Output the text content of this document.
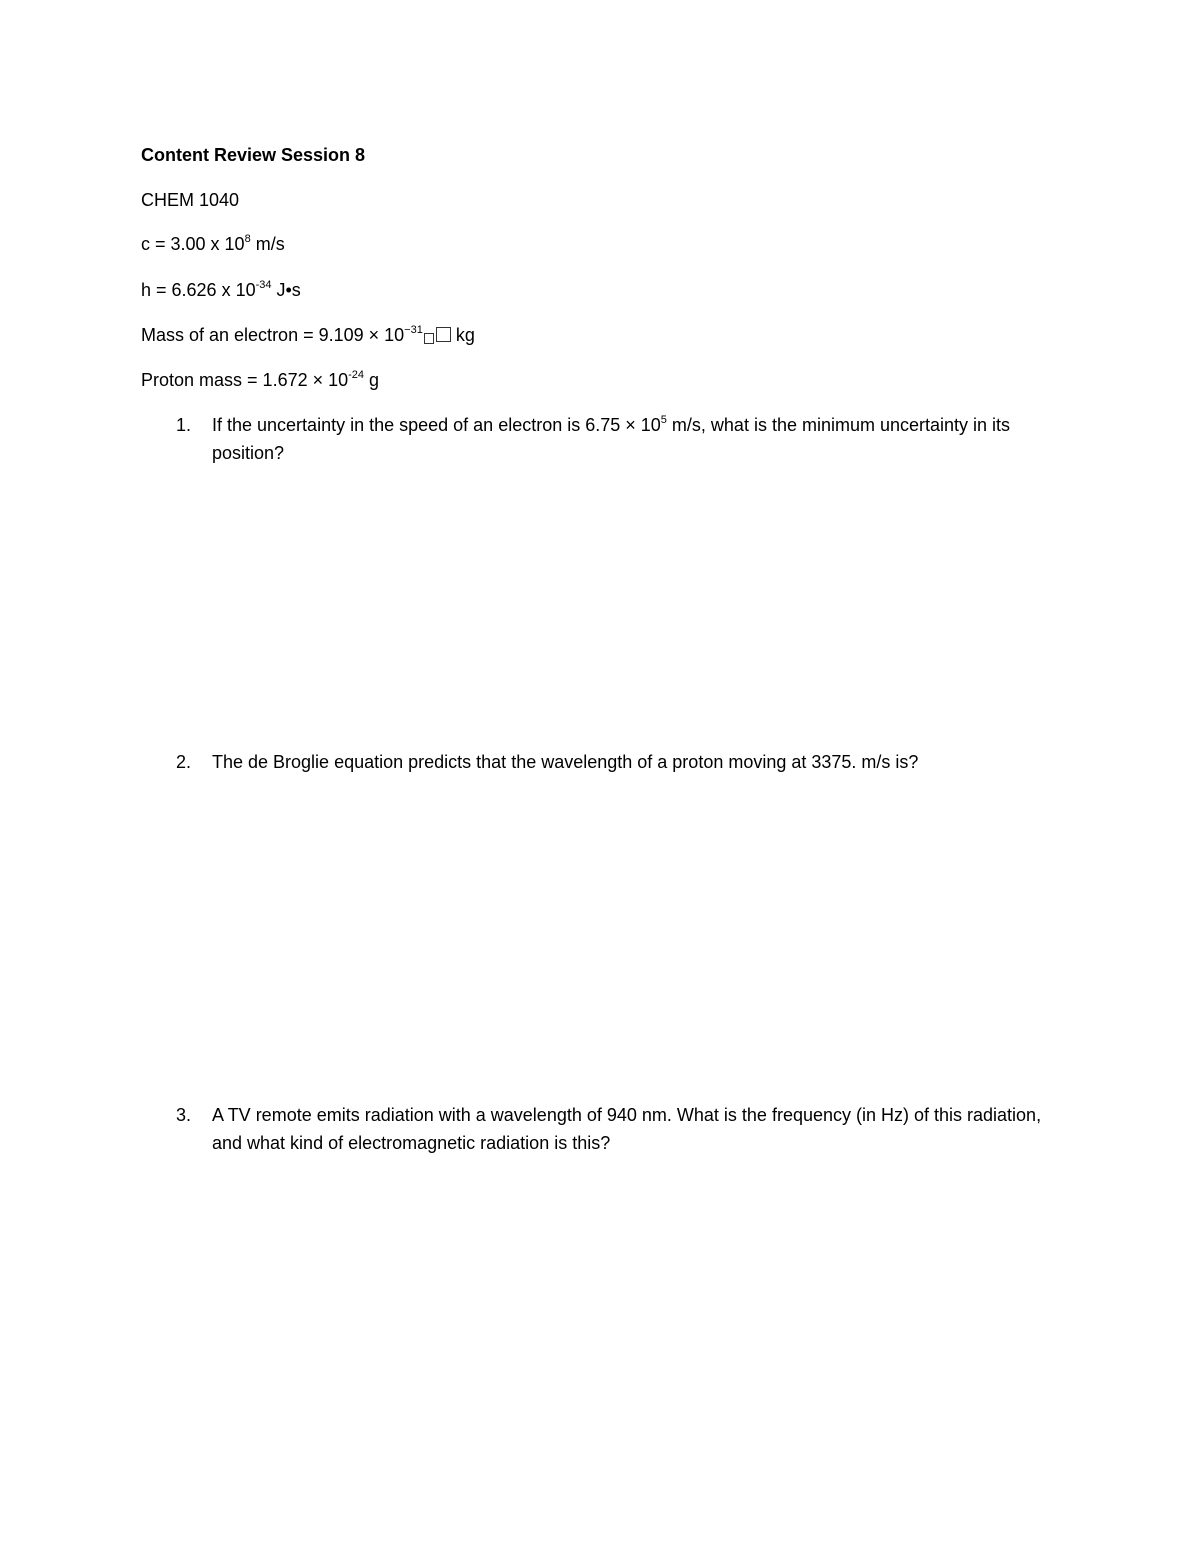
Content Review Session 8
CHEM 1040
c = 3.00 x $10^8$ m/s
h = 6.626 x $10^{-34}$ J•s
Mass of an electron = $9.109 \times 10^{-31}$ kg
Proton mass = $1.672 \times 10^{-24}$ g
1. If the uncertainty in the speed of an electron is $6.75 \times 10^5$ m/s, what is the minimum uncertainty in its position?
2. The de Broglie equation predicts that the wavelength of a proton moving at 3375. m/s is?
3. A TV remote emits radiation with a wavelength of 940 nm. What is the frequency (in Hz) of this radiation, and what kind of electromagnetic radiation is this?
